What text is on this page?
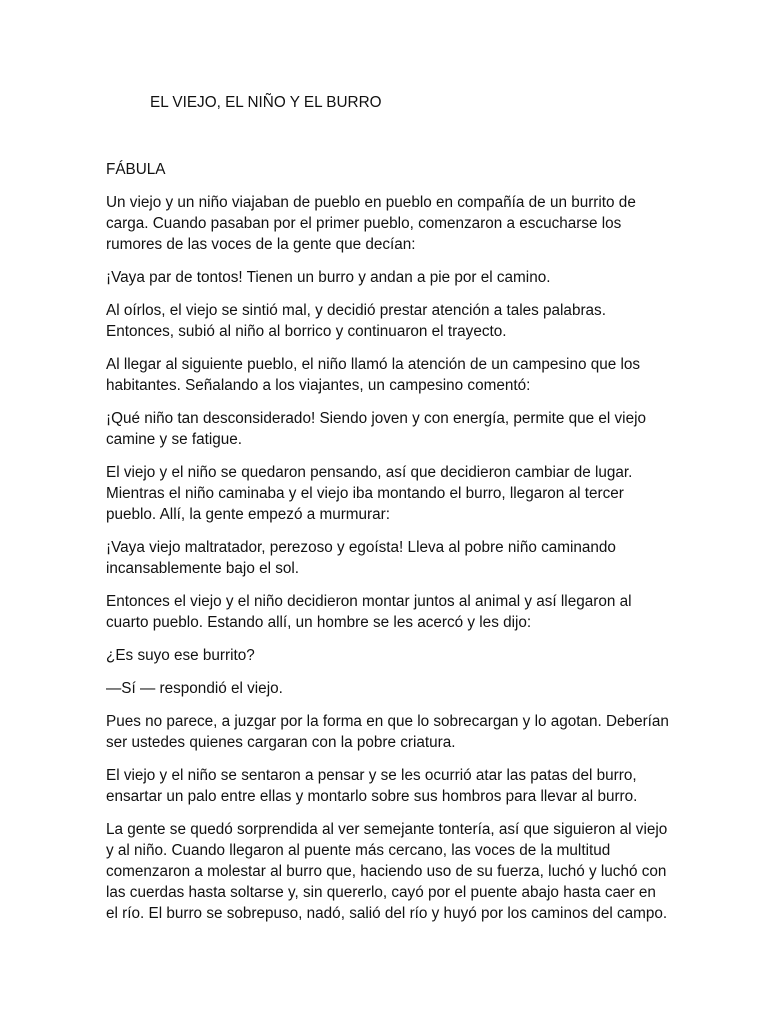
EL VIEJO, EL NIÑO Y EL BURRO
FÁBULA

Un viejo y un niño viajaban de pueblo en pueblo en compañía de un burrito de
carga. Cuando pasaban por el primer pueblo, comenzaron a escucharse los
rumores de las voces de la gente que decían:

¡Vaya par de tontos! Tienen un burro y andan a pie por el camino.

Al oírlos, el viejo se sintió mal, y decidió prestar atención a tales palabras.
Entonces, subió al niño al borrico y continuaron el trayecto.

Al llegar al siguiente pueblo, el niño llamó la atención de un campesino que los
habitantes. Señalando a los viajantes, un campesino comentó:

¡Qué niño tan desconsiderado! Siendo joven y con energía, permite que el viejo
camine y se fatigue.

El viejo y el niño se quedaron pensando, así que decidieron cambiar de lugar.
Mientras el niño caminaba y el viejo iba montando el burro, llegaron al tercer
pueblo. Allí, la gente empezó a murmurar:

¡Vaya viejo maltratador, perezoso y egoísta! Lleva al pobre niño caminando
incansablemente bajo el sol.

Entonces el viejo y el niño decidieron montar juntos al animal y así llegaron al
cuarto pueblo. Estando allí, un hombre se les acercó y les dijo:

¿Es suyo ese burrito?

—Sí — respondió el viejo.

Pues no parece, a juzgar por la forma en que lo sobrecargan y lo agotan. Deberían
ser ustedes quienes cargaran con la pobre criatura.

El viejo y el niño se sentaron a pensar y se les ocurrió atar las patas del burro,
ensartar un palo entre ellas y montarlo sobre sus hombros para llevar al burro.

La gente se quedó sorprendida al ver semejante tontería, así que siguieron al viejo
y al niño. Cuando llegaron al puente más cercano, las voces de la multitud
comenzaron a molestar al burro que, haciendo uso de su fuerza, luchó y luchó con
las cuerdas hasta soltarse y, sin quererlo, cayó por el puente abajo hasta caer en
el río. El burro se sobrepuso, nadó, salió del río y huyó por los caminos del campo.
